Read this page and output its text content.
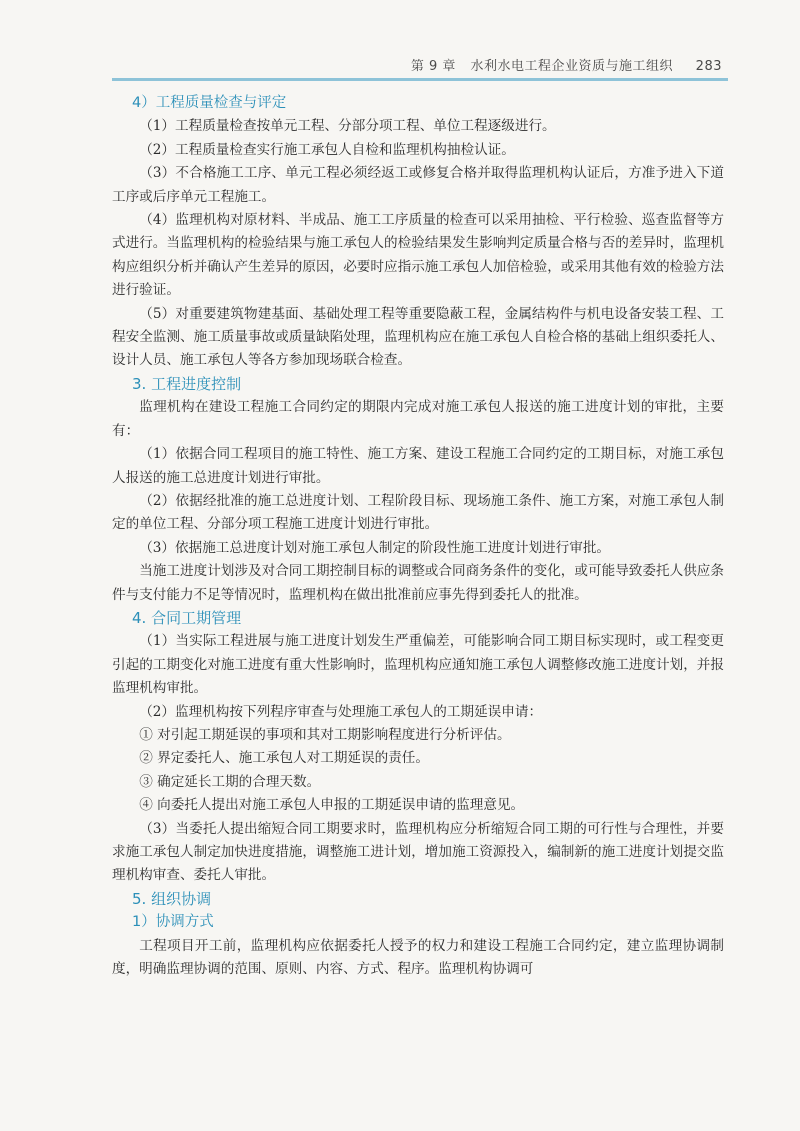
第 9 章 水利水电工程企业资质与施工组织 283

4）工程质量检查与评定

（1）工程质量检查按单元工程、分部分项工程、单位工程逐级进行。

（2）工程质量检查实行施工承包人自检和监理机构抽检认证。

（3）不合格施工工序、单元工程必须经返工或修复合格并取得监理机构认证后，方准予进入下道工序或后序单元工程施工。

（4）监理机构对原材料、半成品、施工工序质量的检查可以采用抽检、平行检验、巡查监督等方式进行。当监理机构的检验结果与施工承包人的检验结果发生影响判定质量合格与否的差异时，监理机构应组织分析并确认产生差异的原因，必要时应指示施工承包人加倍检验，或采用其他有效的检验方法进行验证。

（5）对重要建筑物建基面、基础处理工程等重要隐蔽工程，金属结构件与机电设备安装工程、工程安全监测、施工质量事故或质量缺陷处理，监理机构应在施工承包人自检合格的基础上组织委托人、设计人员、施工承包人等各方参加现场联合检查。

3. 工程进度控制

监理机构在建设工程施工合同约定的期限内完成对施工承包人报送的施工进度计划的审批，主要有：

（1）依据合同工程项目的施工特性、施工方案、建设工程施工合同约定的工期目标，对施工承包人报送的施工总进度计划进行审批。

（2）依据经批准的施工总进度计划、工程阶段目标、现场施工条件、施工方案，对施工承包人制定的单位工程、分部分项工程施工进度计划进行审批。

（3）依据施工总进度计划对施工承包人制定的阶段性施工进度计划进行审批。

当施工进度计划涉及对合同工期控制目标的调整或合同商务条件的变化，或可能导致委托人供应条件与支付能力不足等情况时，监理机构在做出批准前应事先得到委托人的批准。

4. 合同工期管理

（1）当实际工程进展与施工进度计划发生严重偏差，可能影响合同工期目标实现时，或工程变更引起的工期变化对施工进度有重大性影响时，监理机构应通知施工承包人调整修改施工进度计划，并报监理机构审批。

（2）监理机构按下列程序审查与处理施工承包人的工期延误申请：

① 对引起工期延误的事项和其对工期影响程度进行分析评估。

② 界定委托人、施工承包人对工期延误的责任。

③ 确定延长工期的合理天数。

④ 向委托人提出对施工承包人申报的工期延误申请的监理意见。

（3）当委托人提出缩短合同工期要求时，监理机构应分析缩短合同工期的可行性与合理性，并要求施工承包人制定加快进度措施，调整施工进计划，增加施工资源投入，编制新的施工进度计划提交监理机构审查、委托人审批。

5. 组织协调

1）协调方式

工程项目开工前，监理机构应依据委托人授予的权力和建设工程施工合同约定，建立监理协调制度，明确监理协调的范围、原则、内容、方式、程序。监理机构协调可
